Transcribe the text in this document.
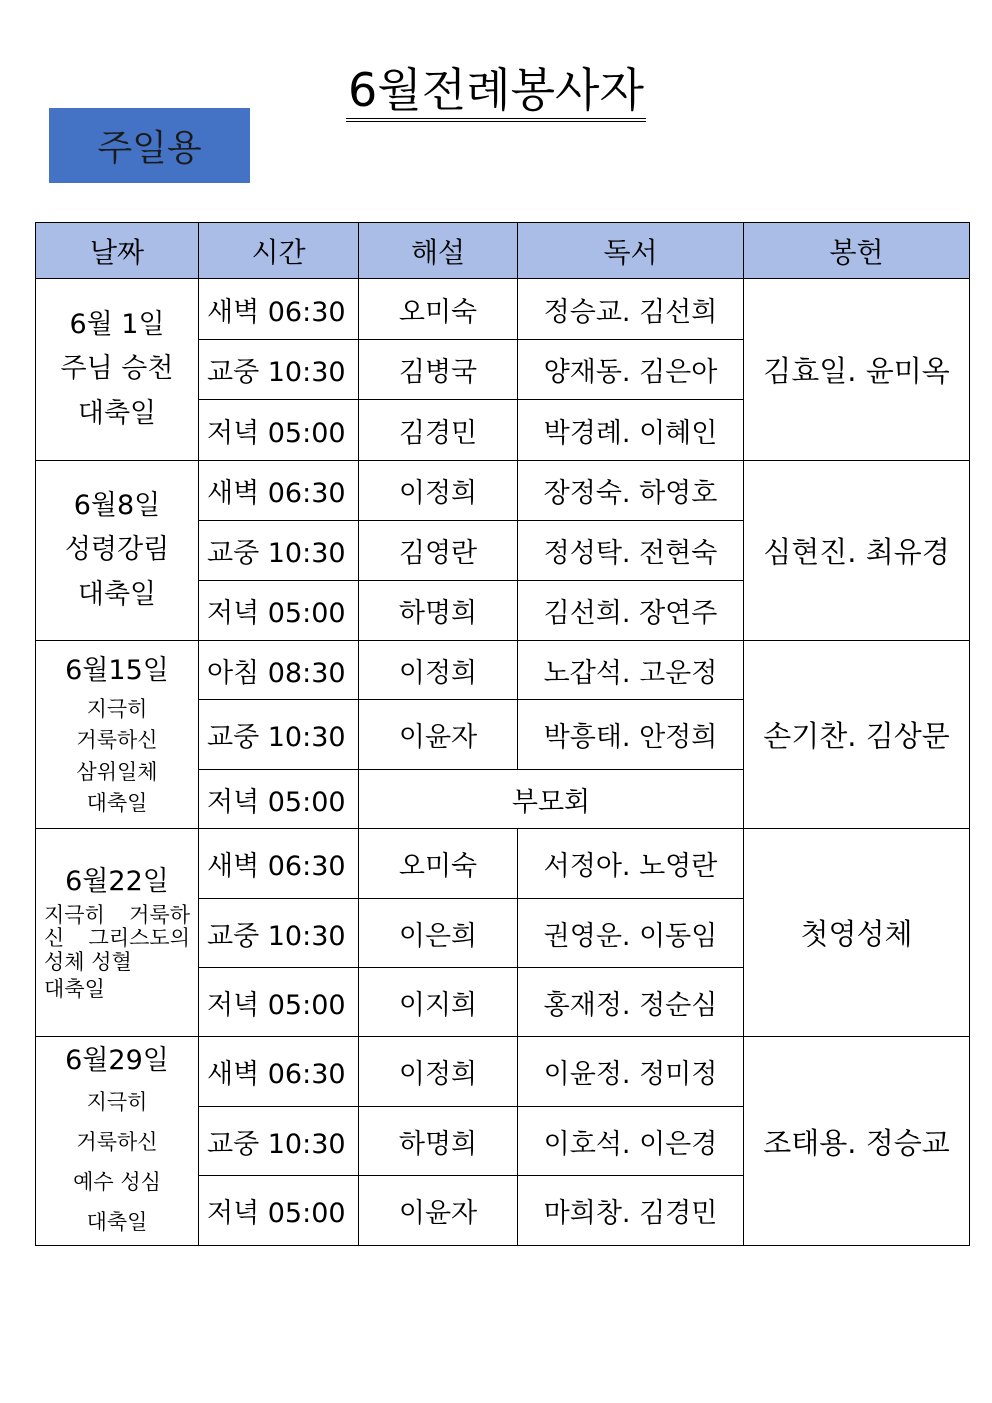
6월전례봉사자
주일용
날짜	시간	해설	독서	봉헌

6월 1일
주님 승천
대축일	새벽 06:30	오미숙	정승교. 김선희	김효일. 윤미옥
	교중 10:30	김병국	양재동. 김은아	
	저녁 05:00	김경민	박경례. 이혜인	

6월8일
성령강림
대축일	새벽 06:30	이정희	장정숙. 하영호	심현진. 최유경
	교중 10:30	김영란	정성탁. 전현숙	
	저녁 05:00	하명희	김선희. 장연주	

6월15일
지극히
거룩하신
삼위일체
대축일	아침 08:30	이정희	노갑석. 고운정	손기찬. 김상문
	교중 10:30	이윤자	박흥태. 안정희	
	저녁 05:00	부모회		

6월22일
지극히 거룩하신 그리스도의 성체 성혈
대축일	새벽 06:30	오미숙	서정아. 노영란	첫영성체
	교중 10:30	이은희	권영운. 이동임	
	저녁 05:00	이지희	홍재정. 정순심	

6월29일
지극히
거룩하신
예수 성심
대축일	새벽 06:30	이정희	이윤정. 정미정	조태용. 정승교
	교중 10:30	하명희	이호석. 이은경	
	저녁 05:00	이윤자	마희창. 김경민	
